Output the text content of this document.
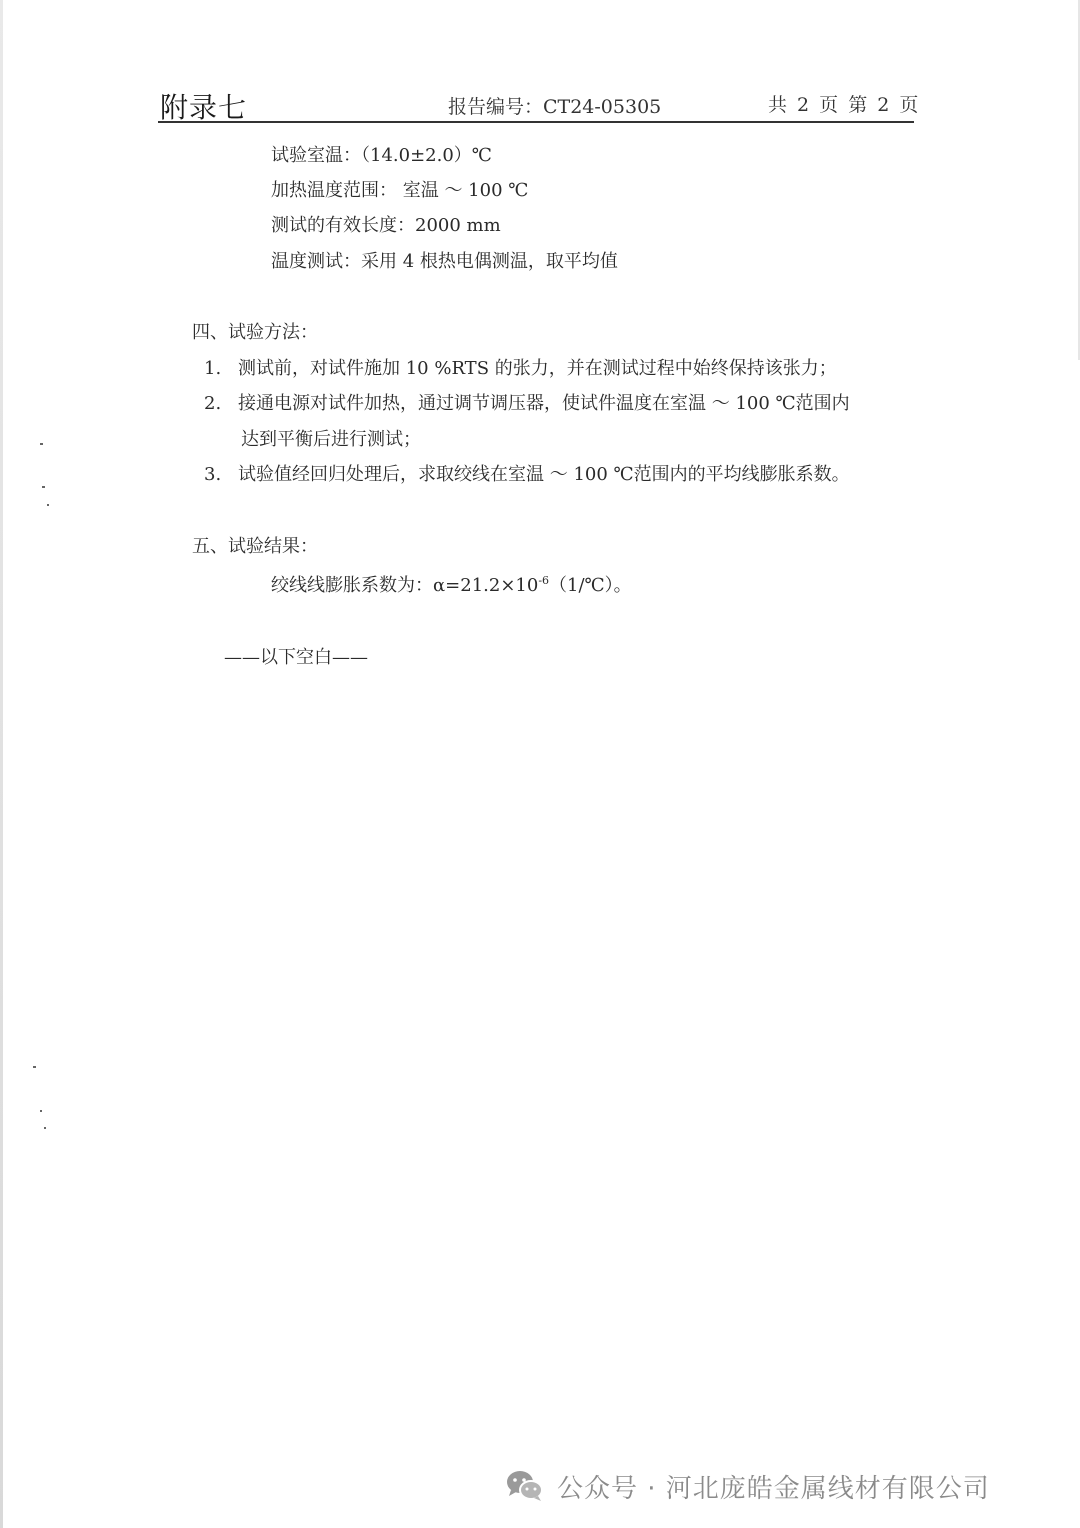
附录七	报告编号：CT24-05305	共 2 页 第 2 页
试验室温：（14.0±2.0）℃
加热温度范围： 室温 ～ 100 ℃
测试的有效长度：2000 mm
温度测试：采用 4 根热电偶测温，取平均值
四、试验方法：
1. 测试前，对试件施加 10 %RTS 的张力，并在测试过程中始终保持该张力；
2. 接通电源对试件加热，通过调节调压器，使试件温度在室温 ～ 100 ℃范围内
达到平衡后进行测试；
3. 试验值经回归处理后，求取绞线在室温 ～ 100 ℃范围内的平均线膨胀系数。
五、试验结果：
绞线线膨胀系数为：$\alpha=21.2\times 10^{-6}(1/℃)$。
——以下空白——
公众号 · 河北庞皓金属线材有限公司
